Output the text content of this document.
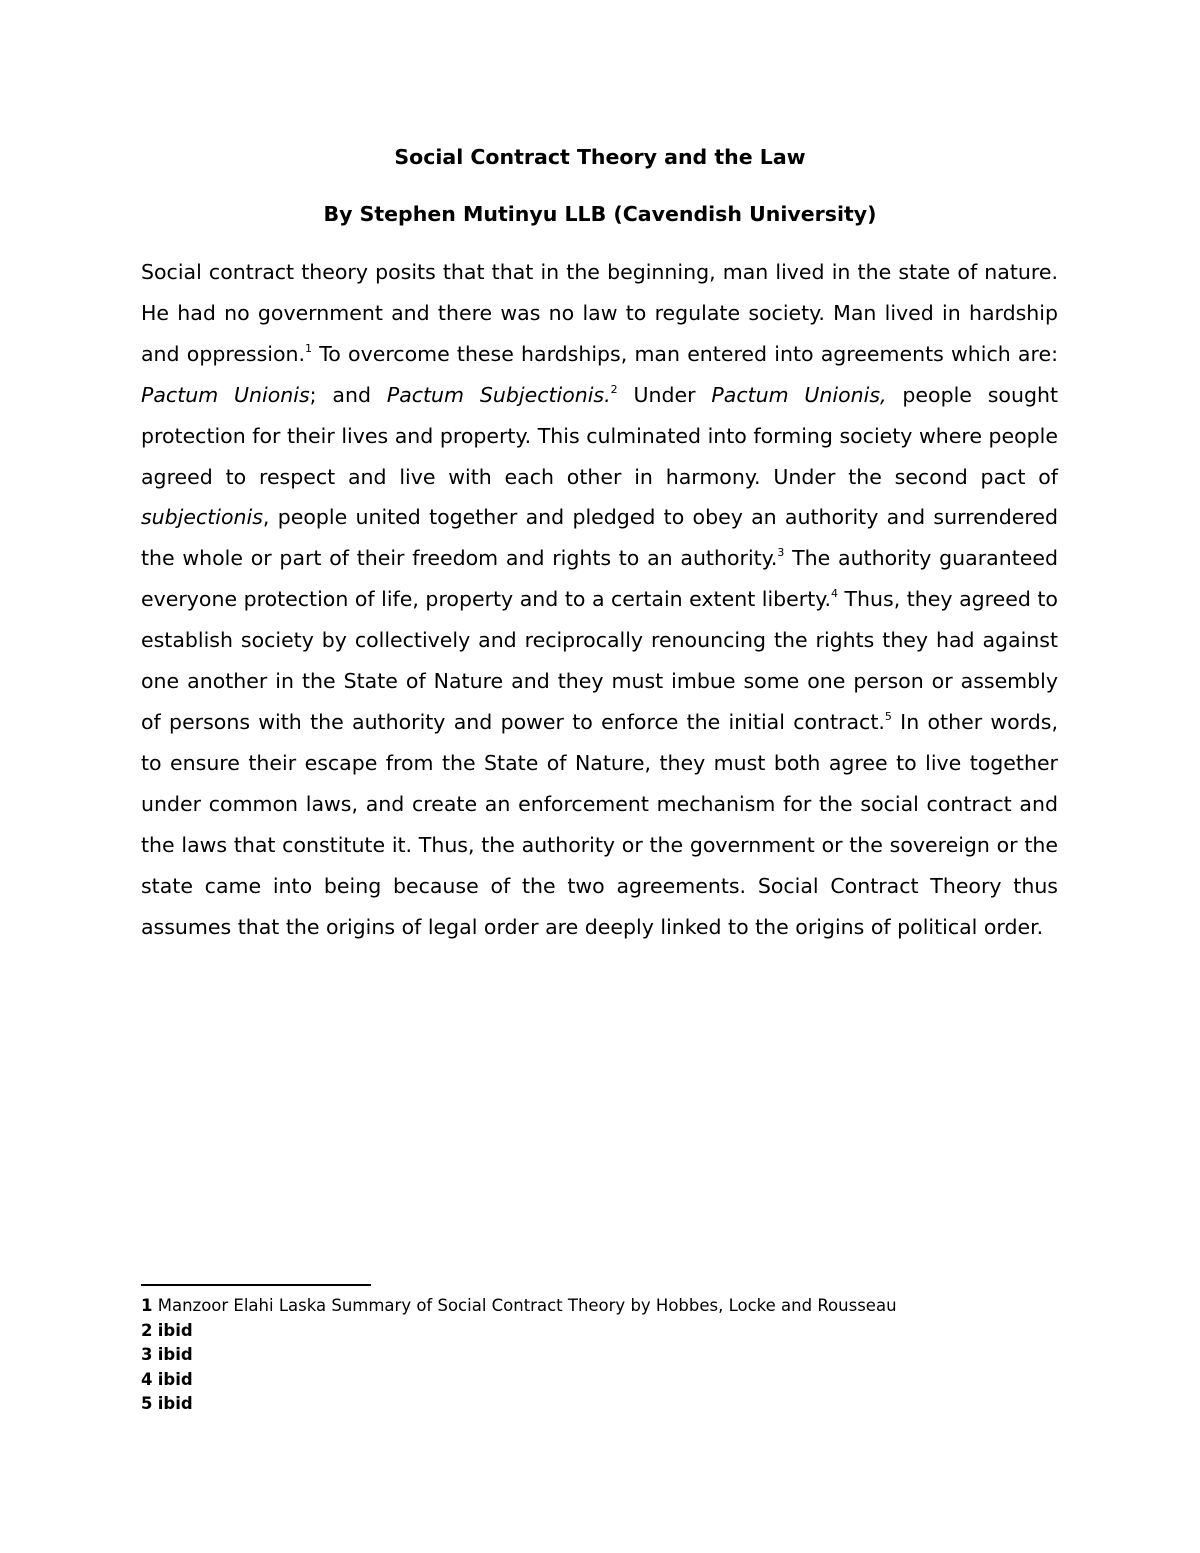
Social Contract Theory and the Law

By Stephen Mutinyu LLB (Cavendish University)

Social contract theory posits that that in the beginning, man lived in the state of nature. He had no government and there was no law to regulate society. Man lived in hardship and oppression.$^1$ To overcome these hardships, man entered into agreements which are: Pactum Unionis; and Pactum Subjectionis.$^2$ Under Pactum Unionis, people sought protection for their lives and property. This culminated into forming society where people agreed to respect and live with each other in harmony. Under the second pact of subjectionis, people united together and pledged to obey an authority and surrendered the whole or part of their freedom and rights to an authority.$^3$ The authority guaranteed everyone protection of life, property and to a certain extent liberty.$^4$ Thus, they agreed to establish society by collectively and reciprocally renouncing the rights they had against one another in the State of Nature and they must imbue some one person or assembly of persons with the authority and power to enforce the initial contract.$^5$ In other words, to ensure their escape from the State of Nature, they must both agree to live together under common laws, and create an enforcement mechanism for the social contract and the laws that constitute it. Thus, the authority or the government or the sovereign or the state came into being because of the two agreements. Social Contract Theory thus assumes that the origins of legal order are deeply linked to the origins of political order.

1 Manzoor Elahi Laska Summary of Social Contract Theory by Hobbes, Locke and Rousseau
2 ibid
3 ibid
4 ibid
5 ibid
